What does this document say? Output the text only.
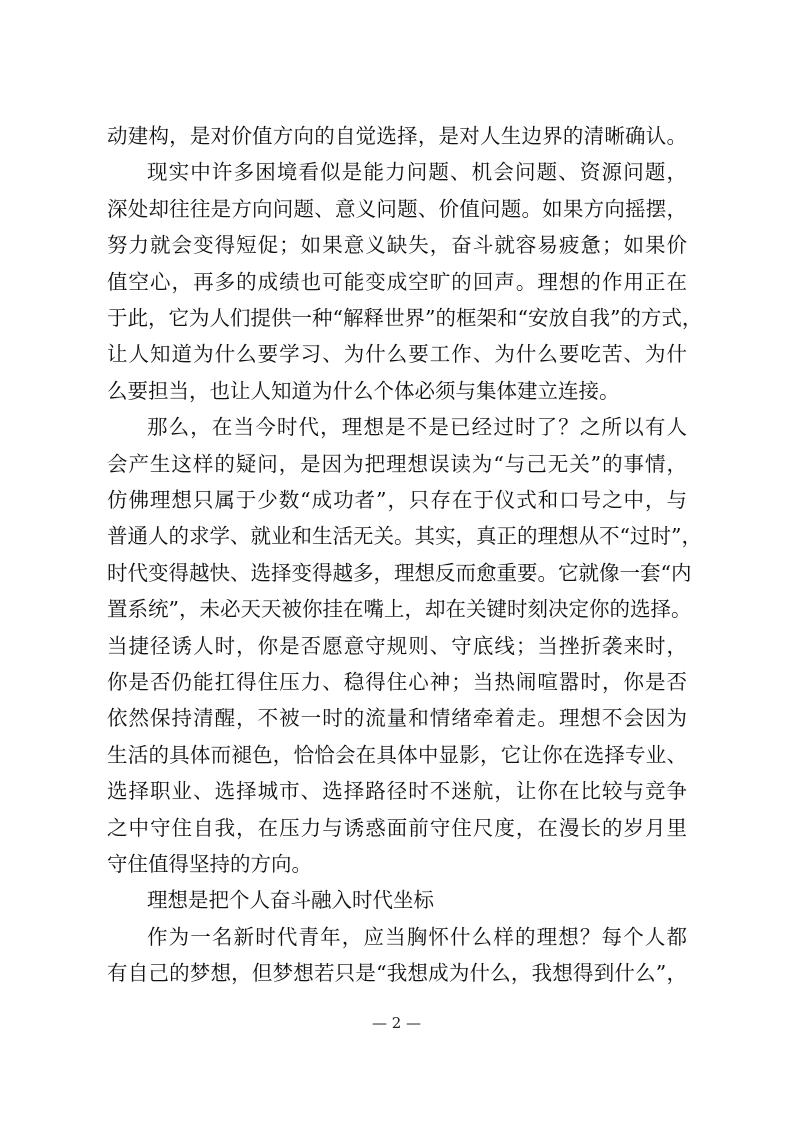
动建构，是对价值方向的自觉选择，是对人生边界的清晰确认。
现实中许多困境看似是能力问题、机会问题、资源问题，
深处却往往是方向问题、意义问题、价值问题。如果方向摇摆，
努力就会变得短促；如果意义缺失，奋斗就容易疲惫；如果价
值空心，再多的成绩也可能变成空旷的回声。理想的作用正在
于此，它为人们提供一种“解释世界”的框架和“安放自我”的方式，
让人知道为什么要学习、为什么要工作、为什么要吃苦、为什
么要担当，也让人知道为什么个体必须与集体建立连接。
那么，在当今时代，理想是不是已经过时了？之所以有人
会产生这样的疑问，是因为把理想误读为“与己无关”的事情，
仿佛理想只属于少数“成功者”，只存在于仪式和口号之中，与
普通人的求学、就业和生活无关。其实，真正的理想从不“过时”，
时代变得越快、选择变得越多，理想反而愈重要。它就像一套“内
置系统”，未必天天被你挂在嘴上，却在关键时刻决定你的选择。
当捷径诱人时，你是否愿意守规则、守底线；当挫折袭来时，
你是否仍能扛得住压力、稳得住心神；当热闹喧嚣时，你是否
依然保持清醒，不被一时的流量和情绪牵着走。理想不会因为
生活的具体而褪色，恰恰会在具体中显影，它让你在选择专业、
选择职业、选择城市、选择路径时不迷航，让你在比较与竞争
之中守住自我，在压力与诱惑面前守住尺度，在漫长的岁月里
守住值得坚持的方向。
理想是把个人奋斗融入时代坐标
作为一名新时代青年，应当胸怀什么样的理想？每个人都
有自己的梦想，但梦想若只是“我想成为什么，我想得到什么”，
— 2 —
